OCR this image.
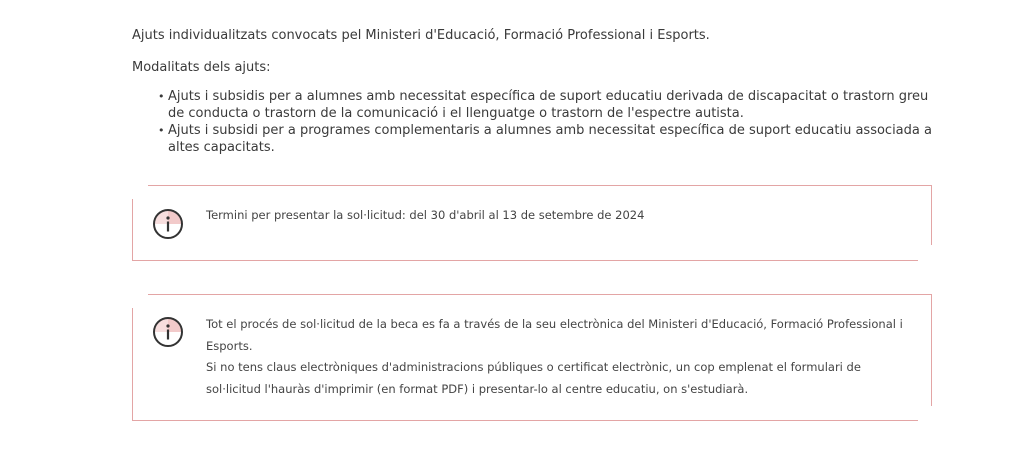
Ajuts individualitzats convocats pel Ministeri d'Educació, Formació Professional i Esports.

Modalitats dels ajuts:

• Ajuts i subsidis per a alumnes amb necessitat específica de suport educatiu derivada de discapacitat o trastorn greu de conducta o trastorn de la comunicació i el llenguatge o trastorn de l'espectre autista.
• Ajuts i subsidi per a programes complementaris a alumnes amb necessitat específica de suport educatiu associada a altes capacitats.

Termini per presentar la sol·licitud: del 30 d'abril al 13 de setembre de 2024

Tot el procés de sol·licitud de la beca es fa a través de la seu electrònica del Ministeri d'Educació, Formació Professional i Esports.

Si no tens claus electròniques d'administracions públiques o certificat electrònic, un cop emplenat el formulari de sol·licitud l'hauràs d'imprimir (en format PDF) i presentar-lo al centre educatiu, on s'estudiarà.
